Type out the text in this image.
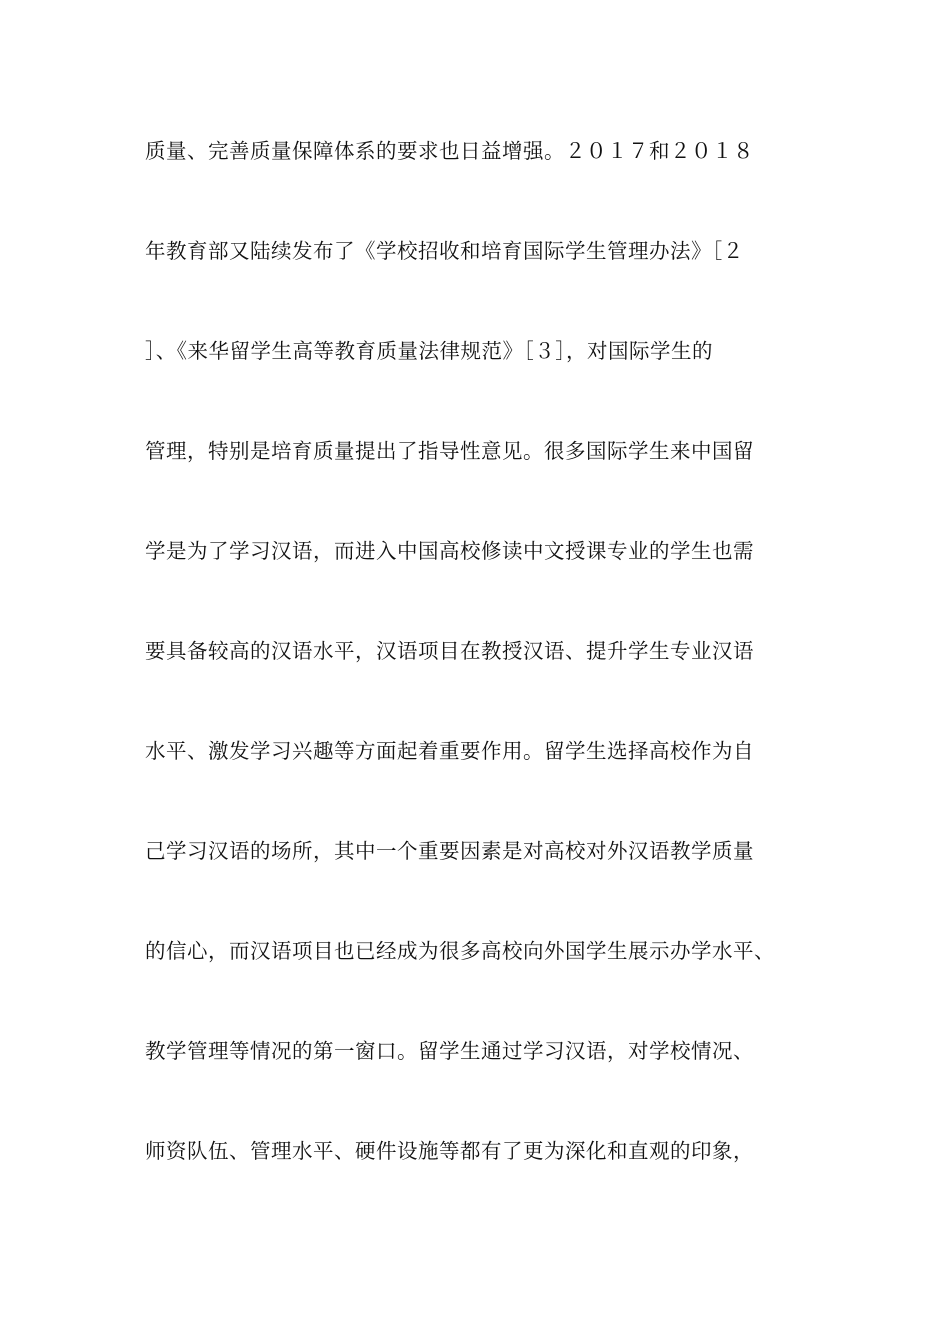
质量、完善质量保障体系的要求也日益增强。２０１７和２０１８
年教育部又陆续发布了《学校招收和培育国际学生管理办法》［２
］、《来华留学生高等教育质量法律规范》［３］，对国际学生的
管理，特别是培育质量提出了指导性意见。很多国际学生来中国留
学是为了学习汉语，而进入中国高校修读中文授课专业的学生也需
要具备较高的汉语水平，汉语项目在教授汉语、提升学生专业汉语
水平、激发学习兴趣等方面起着重要作用。留学生选择高校作为自
己学习汉语的场所，其中一个重要因素是对高校对外汉语教学质量
的信心，而汉语项目也已经成为很多高校向外国学生展示办学水平、
教学管理等情况的第一窗口。留学生通过学习汉语，对学校情况、
师资队伍、管理水平、硬件设施等都有了更为深化和直观的印象，
